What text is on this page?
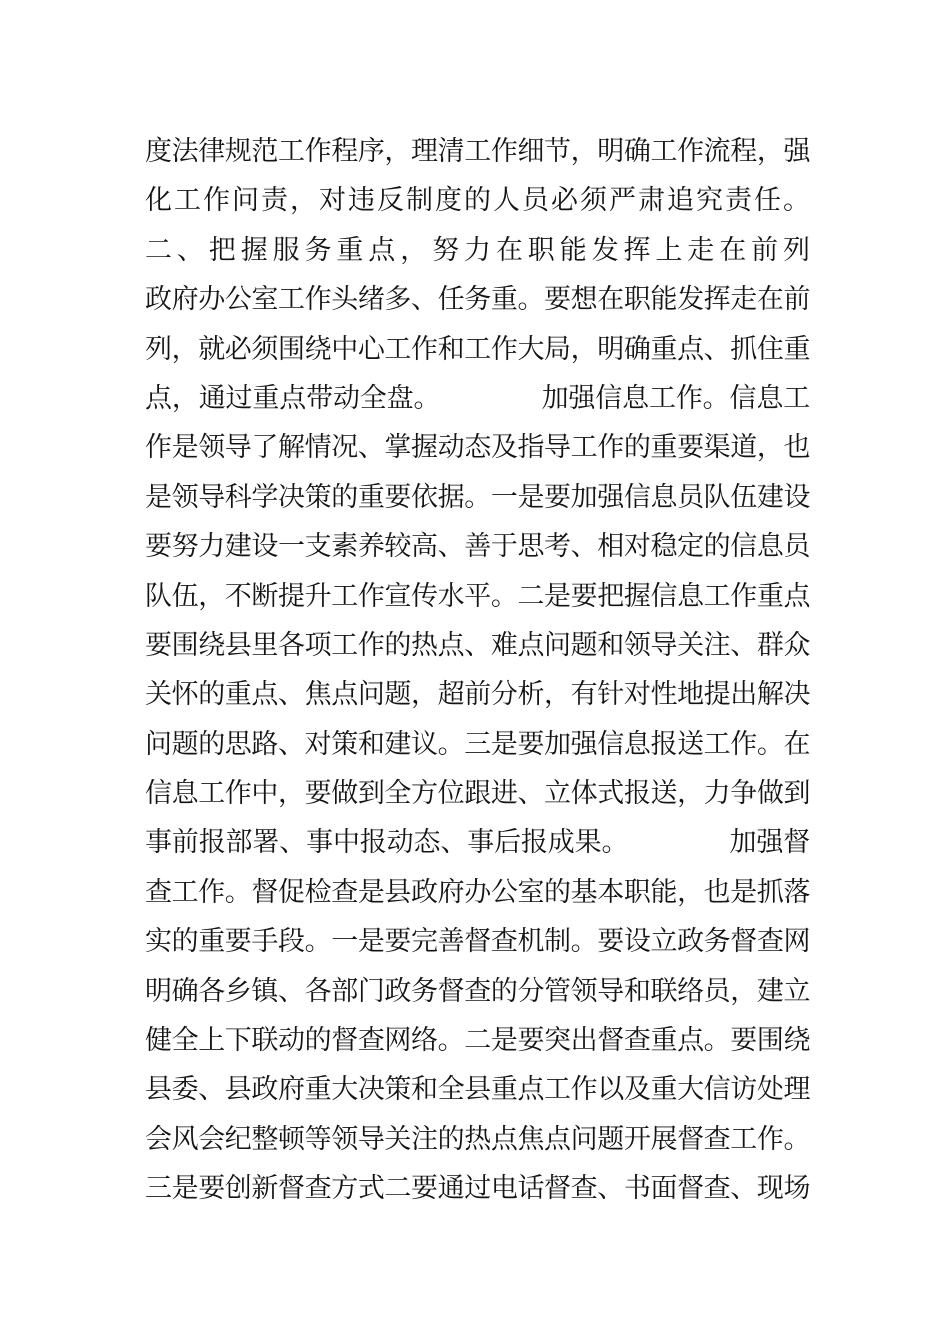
度法律规范工作程序，理清工作细节，明确工作流程，强
化工作问责，对违反制度的人员必须严肃追究责任。
二、把握服务重点，努力在职能发挥上走在前列
政府办公室工作头绪多、任务重。要想在职能发挥走在前
列，就必须围绕中心工作和工作大局，明确重点、抓住重
点，通过重点带动全盘。            加强信息工作。信息工
作是领导了解情况、掌握动态及指导工作的重要渠道，也
是领导科学决策的重要依据。一是要加强信息员队伍建设
要努力建设一支素养较高、善于思考、相对稳定的信息员
队伍，不断提升工作宣传水平。二是要把握信息工作重点
要围绕县里各项工作的热点、难点问题和领导关注、群众
关怀的重点、焦点问题，超前分析，有针对性地提出解决
问题的思路、对策和建议。三是要加强信息报送工作。在
信息工作中，要做到全方位跟进、立体式报送，力争做到
事前报部署、事中报动态、事后报成果。            加强督
查工作。督促检查是县政府办公室的基本职能，也是抓落
实的重要手段。一是要完善督查机制。要设立政务督查网
明确各乡镇、各部门政务督查的分管领导和联络员，建立
健全上下联动的督查网络。二是要突出督查重点。要围绕
县委、县政府重大决策和全县重点工作以及重大信访处理
会风会纪整顿等领导关注的热点焦点问题开展督查工作。
三是要创新督查方式二要通过电话督查、书面督查、现场
